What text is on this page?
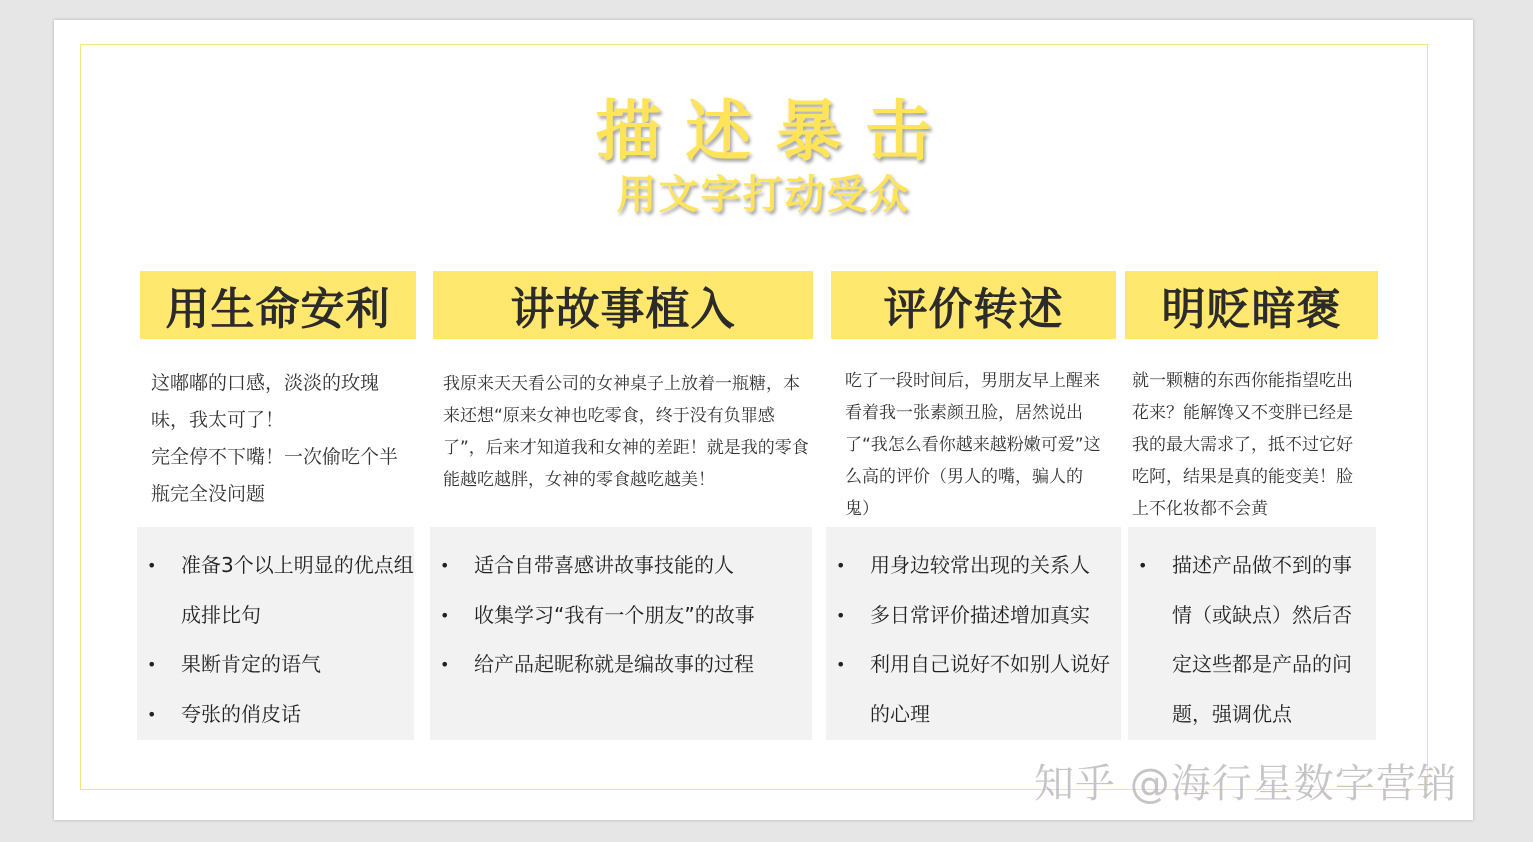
描述暴击
用文字打动受众
用生命安利

这嘟嘟的口感，淡淡的玫瑰味，我太可了！

完全停不下嘴！一次偷吃个半瓶完全没问题

• 准备3个以上明显的优点组成排比句
• 果断肯定的语气
• 夸张的俏皮话
讲故事植入

我原来天天看公司的女神桌子上放着一瓶糖，本来还想“原来女神也吃零食，终于没有负罪感了”，后来才知道我和女神的差距！就是我的零食能越吃越胖，女神的零食越吃越美！

• 适合自带喜感讲故事技能的人
• 收集学习“我有一个朋友”的故事
• 给产品起昵称就是编故事的过程
评价转述

吃了一段时间后，男朋友早上醒来看着我一张素颜丑脸，居然说出了“我怎么看你越来越粉嫩可爱”这么高的评价（男人的嘴，骗人的鬼）

• 用身边较常出现的关系人
• 多日常评价描述增加真实
• 利用自己说好不如别人说好的心理
明贬暗褒

就一颗糖的东西你能指望吃出花来？能解馋又不变胖已经是我的最大需求了，抵不过它好吃阿，结果是真的能变美！脸上不化妆都不会黄

• 描述产品做不到的事情（或缺点）然后否定这些都是产品的问题，强调优点
知乎 @海行星数字营销
